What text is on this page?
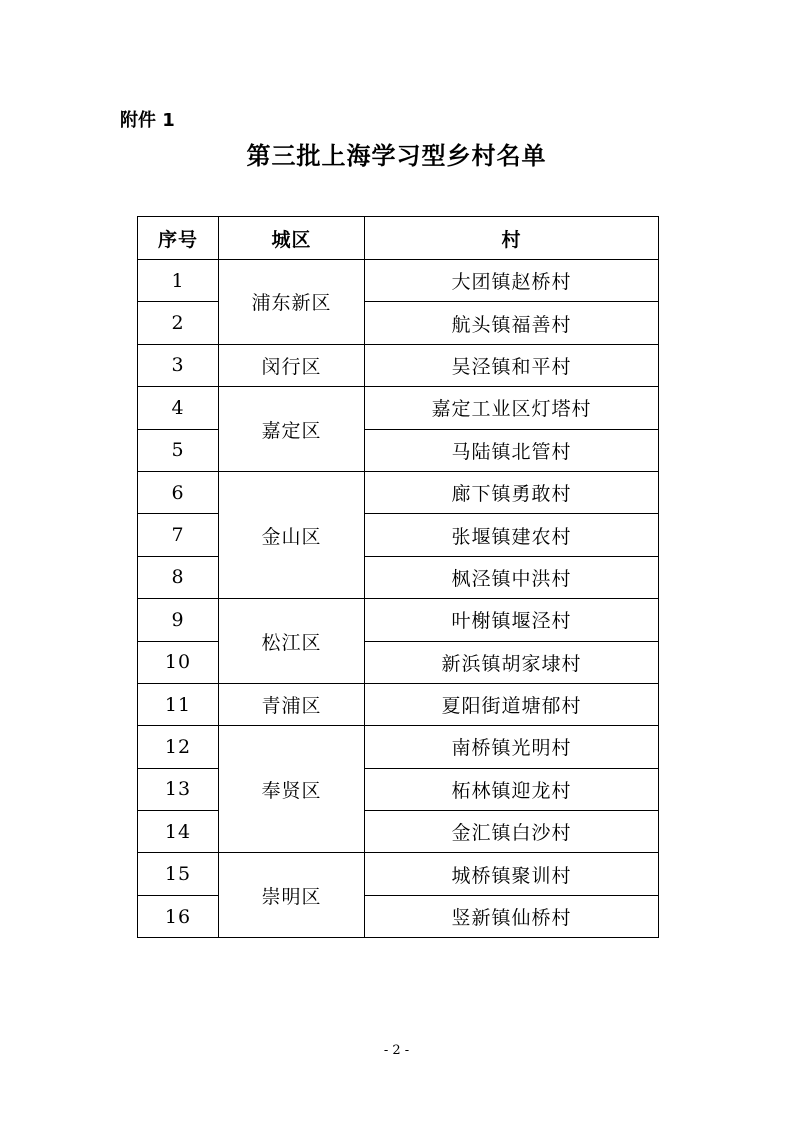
附件 1
第三批上海学习型乡村名单
序号	城区	村
1	浦东新区	大团镇赵桥村
2		航头镇福善村
3	闵行区	吴泾镇和平村
4	嘉定区	嘉定工业区灯塔村
5		马陆镇北管村
6	金山区	廊下镇勇敢村
7		张堰镇建农村
8		枫泾镇中洪村
9	松江区	叶榭镇堰泾村
10		新浜镇胡家埭村
11	青浦区	夏阳街道塘郁村
12	奉贤区	南桥镇光明村
13		柘林镇迎龙村
14		金汇镇白沙村
15	崇明区	城桥镇聚训村
16		竖新镇仙桥村
- 2 -
